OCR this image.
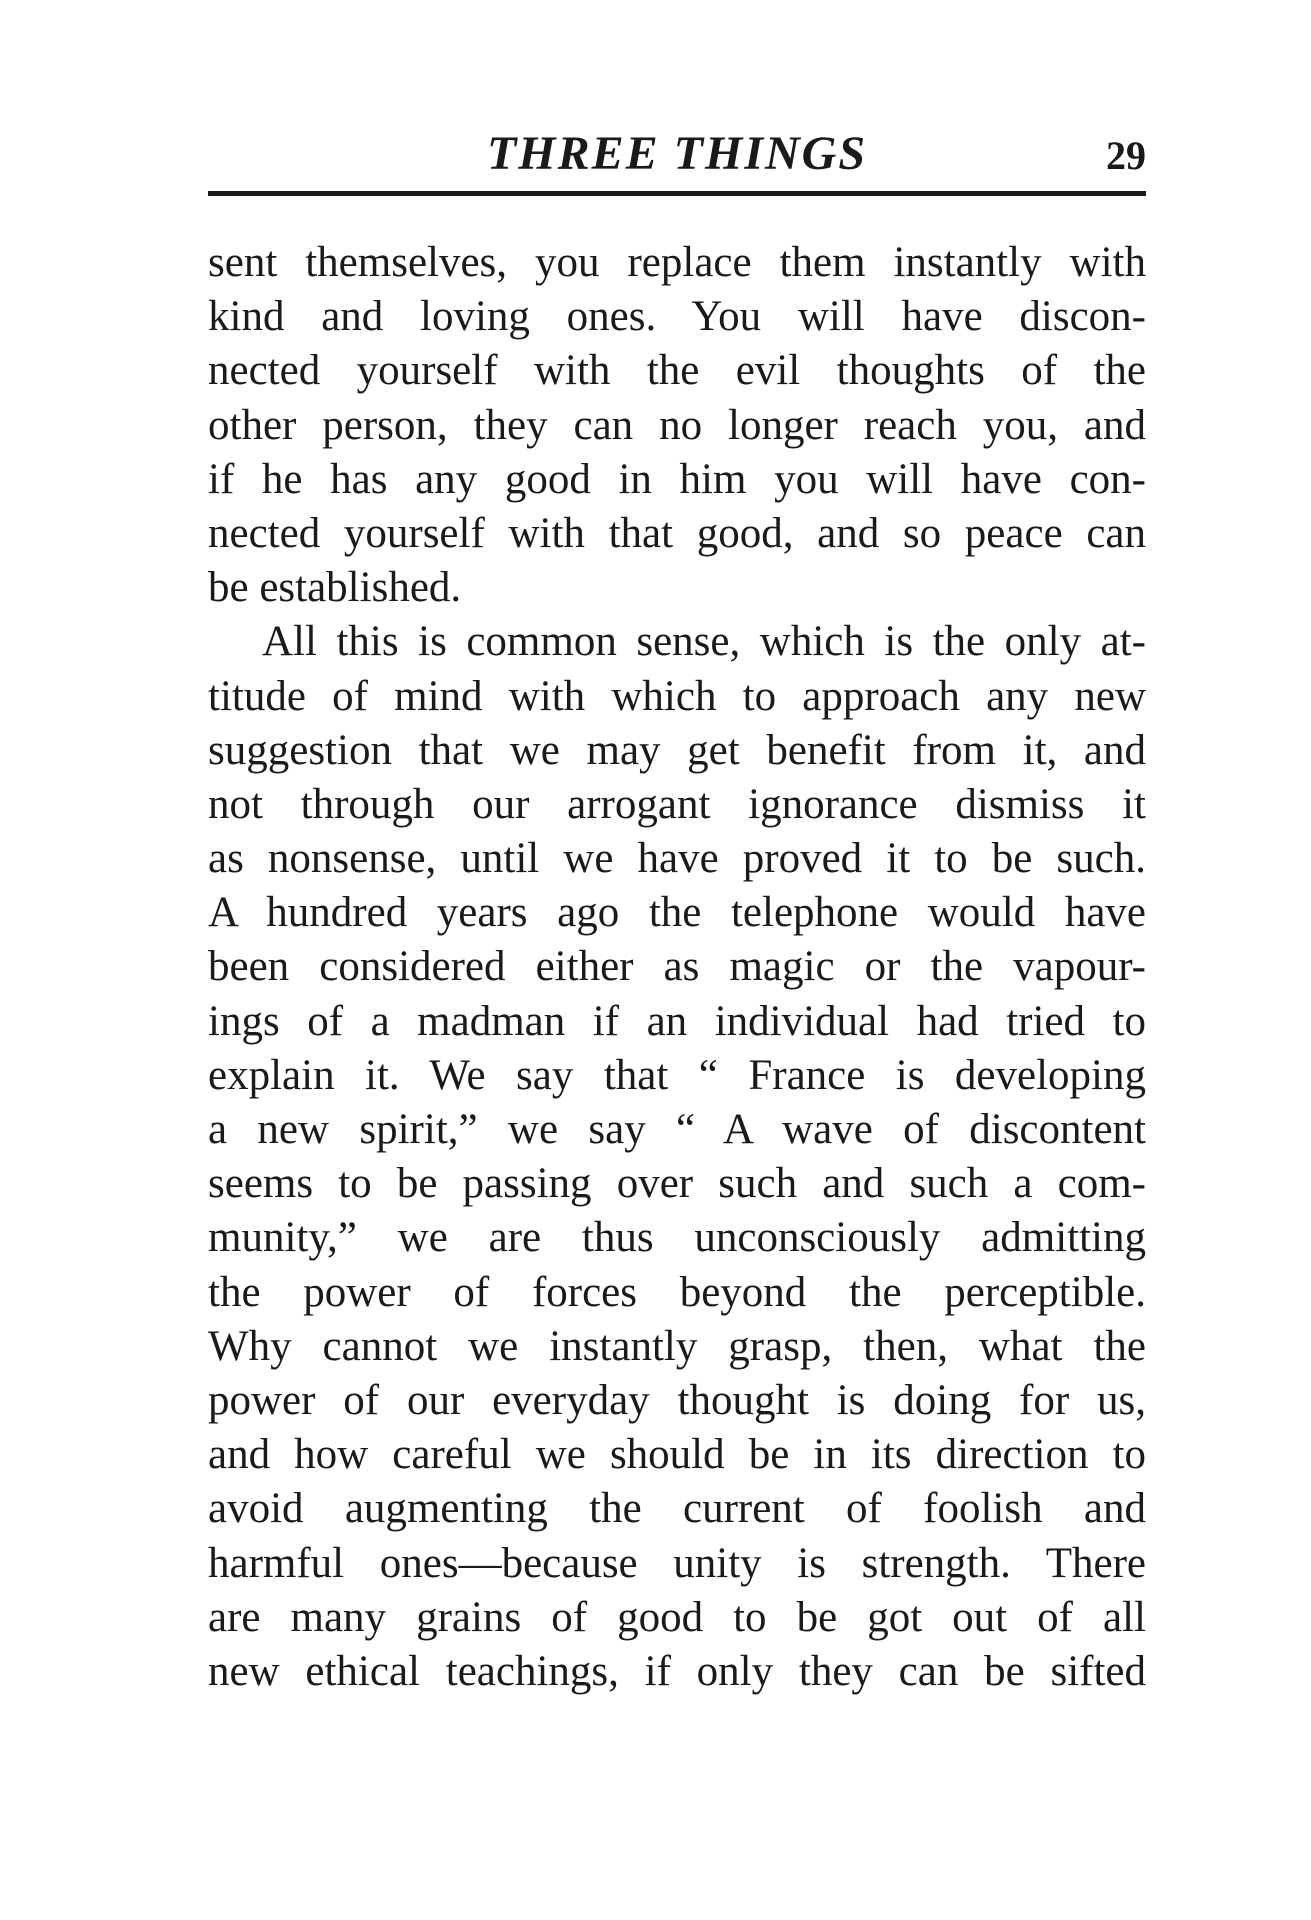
THREE THINGS	29
sent themselves, you replace them instantly with
kind and loving ones. You will have discon-
nected yourself with the evil thoughts of the
other person, they can no longer reach you, and
if he has any good in him you will have con-
nected yourself with that good, and so peace can
be established.
All this is common sense, which is the only at-
titude of mind with which to approach any new
suggestion that we may get benefit from it, and
not through our arrogant ignorance dismiss it
as nonsense, until we have proved it to be such.
A hundred years ago the telephone would have
been considered either as magic or the vapour-
ings of a madman if an individual had tried to
explain it. We say that “ France is developing
a new spirit,” we say “ A wave of discontent
seems to be passing over such and such a com-
munity,” we are thus unconsciously admitting
the power of forces beyond the perceptible.
Why cannot we instantly grasp, then, what the
power of our everyday thought is doing for us,
and how careful we should be in its direction to
avoid augmenting the current of foolish and
harmful ones—because unity is strength. There
are many grains of good to be got out of all
new ethical teachings, if only they can be sifted
